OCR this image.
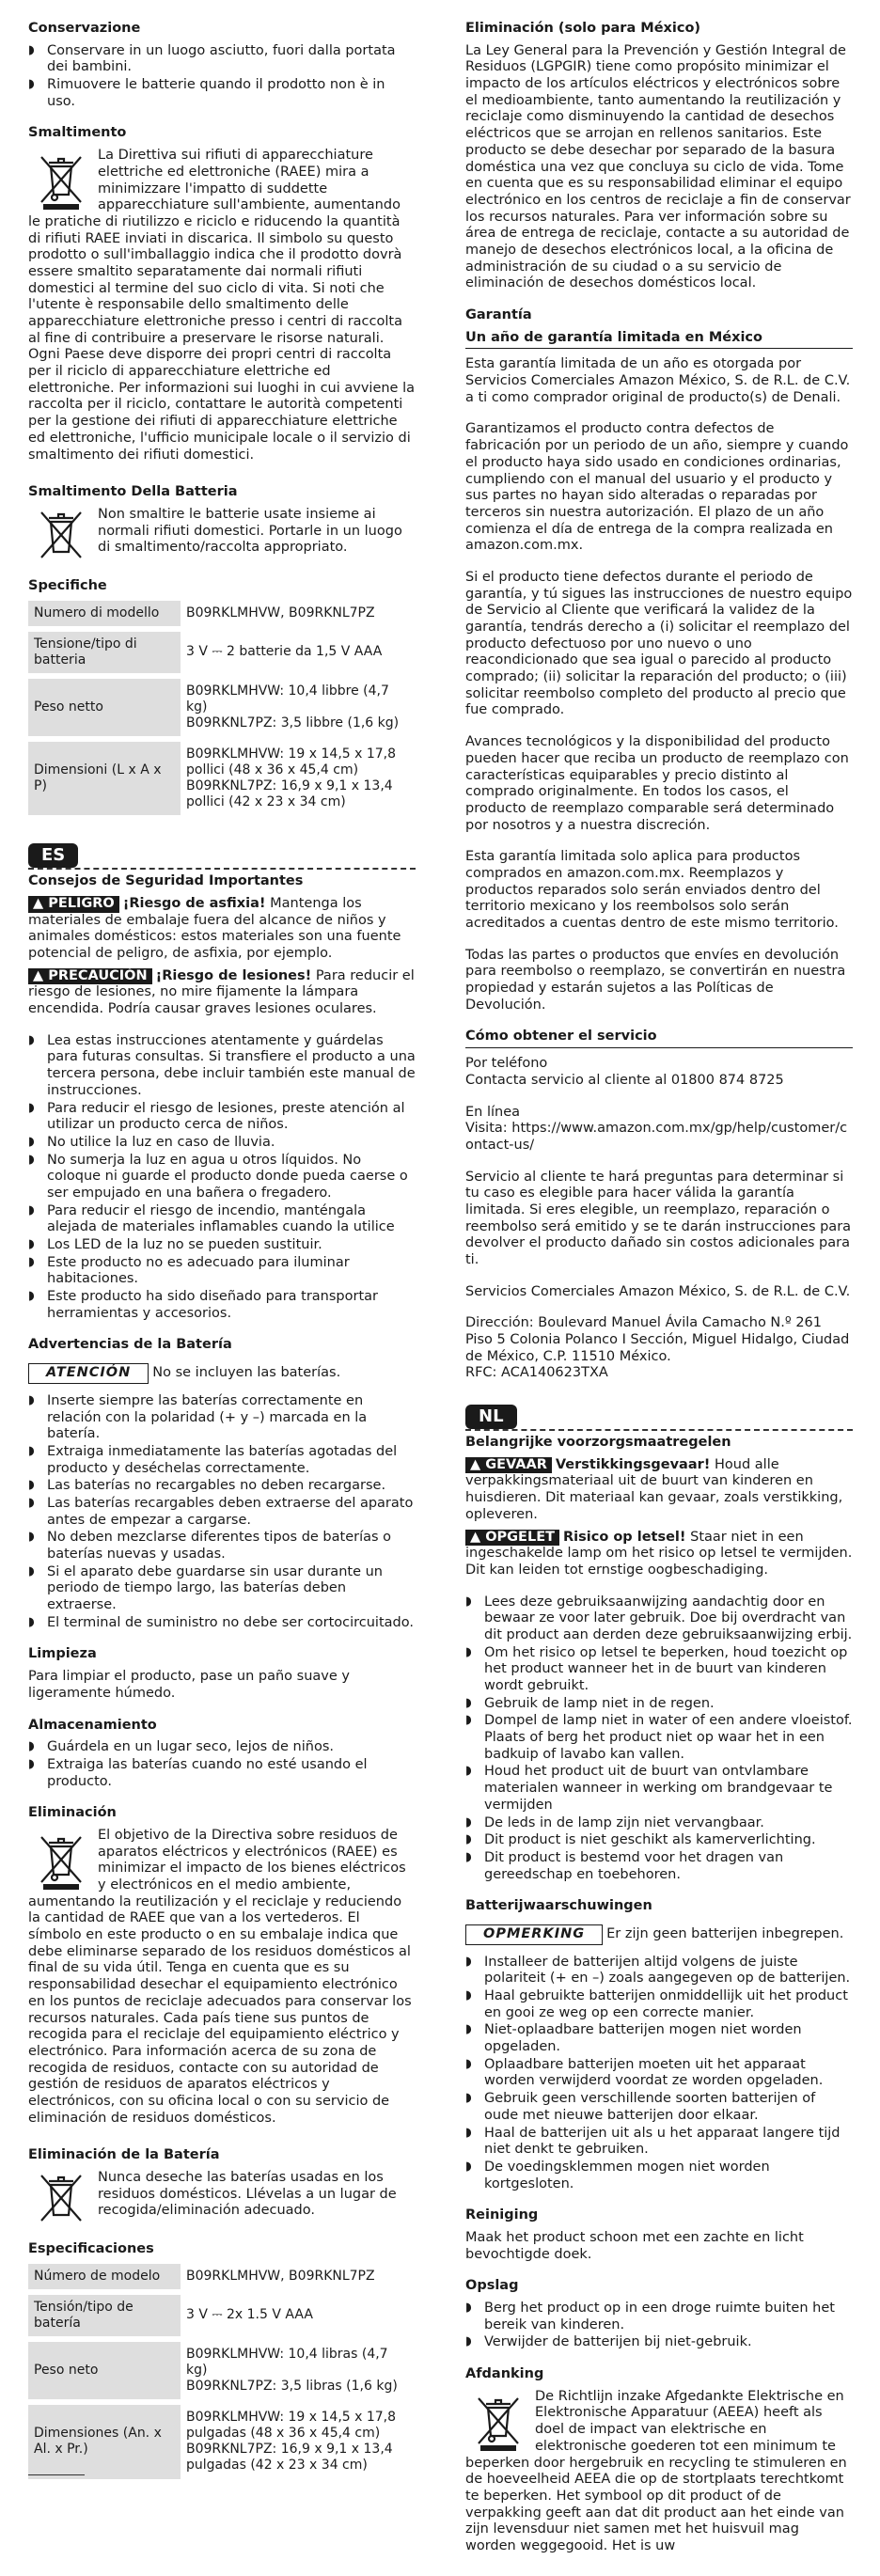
Conservazione
◗ Conservare in un luogo asciutto, fuori dalla portata dei bambini.
◗ Rimuovere le batterie quando il prodotto non è in uso.
Smaltimento

La Direttiva sui rifiuti di apparecchiature elettriche ed elettroniche (RAEE) mira a minimizzare l'impatto di suddette apparecchiature sull'ambiente, aumentando le pratiche di riutilizzo e riciclo e riducendo la quantità di rifiuti RAEE inviati in discarica. Il simbolo su questo prodotto o sull'imballaggio indica che il prodotto dovrà essere smaltito separatamente dai normali rifiuti domestici al termine del suo ciclo di vita. Si noti che l'utente è responsabile dello smaltimento delle apparecchiature elettroniche presso i centri di raccolta al fine di contribuire a preservare le risorse naturali. Ogni Paese deve disporre dei propri centri di raccolta per il riciclo di apparecchiature elettriche ed elettroniche. Per informazioni sui luoghi in cui avviene la raccolta per il riciclo, contattare le autorità competenti per la gestione dei rifiuti di apparecchiature elettriche ed elettroniche, l'ufficio municipale locale o il servizio di smaltimento dei rifiuti domestici.

Smaltimento Della Batteria

Non smaltire le batterie usate insieme ai normali rifiuti domestici. Portarle in un luogo di smaltimento/raccolta appropriato.

Specifiche
Numero di modello	B09RKLMHVW, B09RKNL7PZ
Tensione/tipo di batteria	3 V ⎓ 2 batterie da 1,5 V AAA
Peso netto	B09RKLMHVW: 10,4 libbre (4,7 kg)
B09RKNL7PZ: 3,5 libbre (1,6 kg)
Dimensioni (L x A x P)	B09RKLMHVW: 19 x 14,5 x 17,8 pollici (48 x 36 x 45,4 cm)
B09RKNL7PZ: 16,9 x 9,1 x 13,4 pollici (42 x 23 x 34 cm)
ES
Consejos de Seguridad Importantes

▲ PELIGRO ¡Riesgo de asfixia! Mantenga los materiales de embalaje fuera del alcance de niños y animales domésticos: estos materiales son una fuente potencial de peligro, de asfixia, por ejemplo.

▲ PRECAUCIÓN ¡Riesgo de lesiones! Para reducir el riesgo de lesiones, no mire fijamente la lámpara encendida. Podría causar graves lesiones oculares.

◗ Lea estas instrucciones atentamente y guárdelas para futuras consultas. Si transfiere el producto a una tercera persona, debe incluir también este manual de instrucciones.
◗ Para reducir el riesgo de lesiones, preste atención al utilizar un producto cerca de niños.
◗ No utilice la luz en caso de lluvia.
◗ No sumerja la luz en agua u otros líquidos. No coloque ni guarde el producto donde pueda caerse o ser empujado en una bañera o fregadero.
◗ Para reducir el riesgo de incendio, manténgala alejada de materiales inflamables cuando la utilice
◗ Los LED de la luz no se pueden sustituir.
◗ Este producto no es adecuado para iluminar habitaciones.
◗ Este producto ha sido diseñado para transportar herramientas y accesorios.
Advertencias de la Batería

ATENCIÓN No se incluyen las baterías.

◗ Inserte siempre las baterías correctamente en relación con la polaridad (+ y –) marcada en la batería.
◗ Extraiga inmediatamente las baterías agotadas del producto y deséchelas correctamente.
◗ Las baterías no recargables no deben recargarse.
◗ Las baterías recargables deben extraerse del aparato antes de empezar a cargarse.
◗ No deben mezclarse diferentes tipos de baterías o baterías nuevas y usadas.
◗ Si el aparato debe guardarse sin usar durante un periodo de tiempo largo, las baterías deben extraerse.
◗ El terminal de suministro no debe ser cortocircuitado.
Limpieza

Para limpiar el producto, pase un paño suave y ligeramente húmedo.

Almacenamiento
◗ Guárdela en un lugar seco, lejos de niños.
◗ Extraiga las baterías cuando no esté usando el producto.
Eliminación

El objetivo de la Directiva sobre residuos de aparatos eléctricos y electrónicos (RAEE) es minimizar el impacto de los bienes eléctricos y electrónicos en el medio ambiente, aumentando la reutilización y el reciclaje y reduciendo la cantidad de RAEE que van a los vertederos. El símbolo en este producto o en su embalaje indica que debe eliminarse separado de los residuos domésticos al final de su vida útil. Tenga en cuenta que es su responsabilidad desechar el equipamiento electrónico en los puntos de reciclaje adecuados para conservar los recursos naturales. Cada país tiene sus puntos de recogida para el reciclaje del equipamiento eléctrico y electrónico. Para información acerca de su zona de recogida de residuos, contacte con su autoridad de gestión de residuos de aparatos eléctricos y electrónicos, con su oficina local o con su servicio de eliminación de residuos domésticos.

Eliminación de la Batería

Nunca deseche las baterías usadas en los residuos domésticos. Llévelas a un lugar de recogida/eliminación adecuado.

Especificaciones
Número de modelo	B09RKLMHVW, B09RKNL7PZ
Tensión/tipo de batería	3 V ⎓ 2x 1.5 V AAA
Peso neto	B09RKLMHVW: 10,4 libras (4,7 kg)
B09RKNL7PZ: 3,5 libras (1,6 kg)
Dimensiones (An. x Al. x Pr.)	B09RKLMHVW: 19 x 14,5 x 17,8 pulgadas (48 x 36 x 45,4 cm)
B09RKNL7PZ: 16,9 x 9,1 x 13,4 pulgadas (42 x 23 x 34 cm)
Eliminación (solo para México)

La Ley General para la Prevención y Gestión Integral de Residuos (LGPGIR) tiene como propósito minimizar el impacto de los artículos eléctricos y electrónicos sobre el medioambiente, tanto aumentando la reutilización y reciclaje como disminuyendo la cantidad de desechos eléctricos que se arrojan en rellenos sanitarios. Este producto se debe desechar por separado de la basura doméstica una vez que concluya su ciclo de vida. Tome en cuenta que es su responsabilidad eliminar el equipo electrónico en los centros de reciclaje a fin de conservar los recursos naturales. Para ver información sobre su área de entrega de reciclaje, contacte a su autoridad de manejo de desechos electrónicos local, a la oficina de administración de su ciudad o a su servicio de eliminación de desechos domésticos local.

Garantía
Un año de garantía limitada en México

Esta garantía limitada de un año es otorgada por Servicios Comerciales Amazon México, S. de R.L. de C.V. a ti como comprador original de producto(s) de Denali.

Garantizamos el producto contra defectos de fabricación por un periodo de un año, siempre y cuando el producto haya sido usado en condiciones ordinarias, cumpliendo con el manual del usuario y el producto y sus partes no hayan sido alteradas o reparadas por terceros sin nuestra autorización. El plazo de un año comienza el día de entrega de la compra realizada en amazon.com.mx.

Si el producto tiene defectos durante el periodo de garantía, y tú sigues las instrucciones de nuestro equipo de Servicio al Cliente que verificará la validez de la garantía, tendrás derecho a (i) solicitar el reemplazo del producto defectuoso por uno nuevo o uno reacondicionado que sea igual o parecido al producto comprado; (ii) solicitar la reparación del producto; o (iii) solicitar reembolso completo del producto al precio que fue comprado.

Avances tecnológicos y la disponibilidad del producto pueden hacer que reciba un producto de reemplazo con características equiparables y precio distinto al comprado originalmente. En todos los casos, el producto de reemplazo comparable será determinado por nosotros y a nuestra discreción.

Esta garantía limitada solo aplica para productos comprados en amazon.com.mx. Reemplazos y productos reparados solo serán enviados dentro del territorio mexicano y los reembolsos solo serán acreditados a cuentas dentro de este mismo territorio.

Todas las partes o productos que envíes en devolución para reembolso o reemplazo, se convertirán en nuestra propiedad y estarán sujetos a las Políticas de Devolución.

Cómo obtener el servicio

Por teléfono

Contacta servicio al cliente al 01800 874 8725

En línea

Visita: https://www.amazon.com.mx/gp/help/customer/contact-us/

Servicio al cliente te hará preguntas para determinar si tu caso es elegible para hacer válida la garantía limitada. Si eres elegible, un reemplazo, reparación o reembolso será emitido y se te darán instrucciones para devolver el producto dañado sin costos adicionales para ti.

Servicios Comerciales Amazon México, S. de R.L. de C.V.

Dirección: Boulevard Manuel Ávila Camacho N.º 261 Piso 5 Colonia Polanco I Sección, Miguel Hidalgo, Ciudad de México, C.P. 11510 México.

RFC: ACA140623TXA

NL
Belangrijke voorzorgsmaatregelen

▲ GEVAAR Verstikkingsgevaar! Houd alle verpakkingsmateriaal uit de buurt van kinderen en huisdieren. Dit materiaal kan gevaar, zoals verstikking, opleveren.

▲ OPGELET Risico op letsel! Staar niet in een ingeschakelde lamp om het risico op letsel te vermijden. Dit kan leiden tot ernstige oogbeschadiging.

◗ Lees deze gebruiksaanwijzing aandachtig door en bewaar ze voor later gebruik. Doe bij overdracht van dit product aan derden deze gebruiksaanwijzing erbij.
◗ Om het risico op letsel te beperken, houd toezicht op het product wanneer het in de buurt van kinderen wordt gebruikt.
◗ Gebruik de lamp niet in de regen.
◗ Dompel de lamp niet in water of een andere vloeistof. Plaats of berg het product niet op waar het in een badkuip of lavabo kan vallen.
◗ Houd het product uit de buurt van ontvlambare materialen wanneer in werking om brandgevaar te vermijden
◗ De leds in de lamp zijn niet vervangbaar.
◗ Dit product is niet geschikt als kamerverlichting.
◗ Dit product is bestemd voor het dragen van gereedschap en toebehoren.
Batterijwaarschuwingen

OPMERKING Er zijn geen batterijen inbegrepen.

◗ Installeer de batterijen altijd volgens de juiste polariteit (+ en –) zoals aangegeven op de batterijen.
◗ Haal gebruikte batterijen onmiddellijk uit het product en gooi ze weg op een correcte manier.
◗ Niet-oplaadbare batterijen mogen niet worden opgeladen.
◗ Oplaadbare batterijen moeten uit het apparaat worden verwijderd voordat ze worden opgeladen.
◗ Gebruik geen verschillende soorten batterijen of oude met nieuwe batterijen door elkaar.
◗ Haal de batterijen uit als u het apparaat langere tijd niet denkt te gebruiken.
◗ De voedingsklemmen mogen niet worden kortgesloten.
Reiniging

Maak het product schoon met een zachte en licht bevochtigde doek.

Opslag
◗ Berg het product op in een droge ruimte buiten het bereik van kinderen.
◗ Verwijder de batterijen bij niet-gebruik.
Afdanking

De Richtlijn inzake Afgedankte Elektrische en Elektronische Apparatuur (AEEA) heeft als doel de impact van elektrische en elektronische goederen tot een minimum te beperken door hergebruik en recycling te stimuleren en de hoeveelheid AEEA die op de stortplaats terechtkomt te beperken. Het symbool op dit product of de verpakking geeft aan dat dit product aan het einde van zijn levensduur niet samen met het huisvuil mag worden weggegooid. Het is uw
